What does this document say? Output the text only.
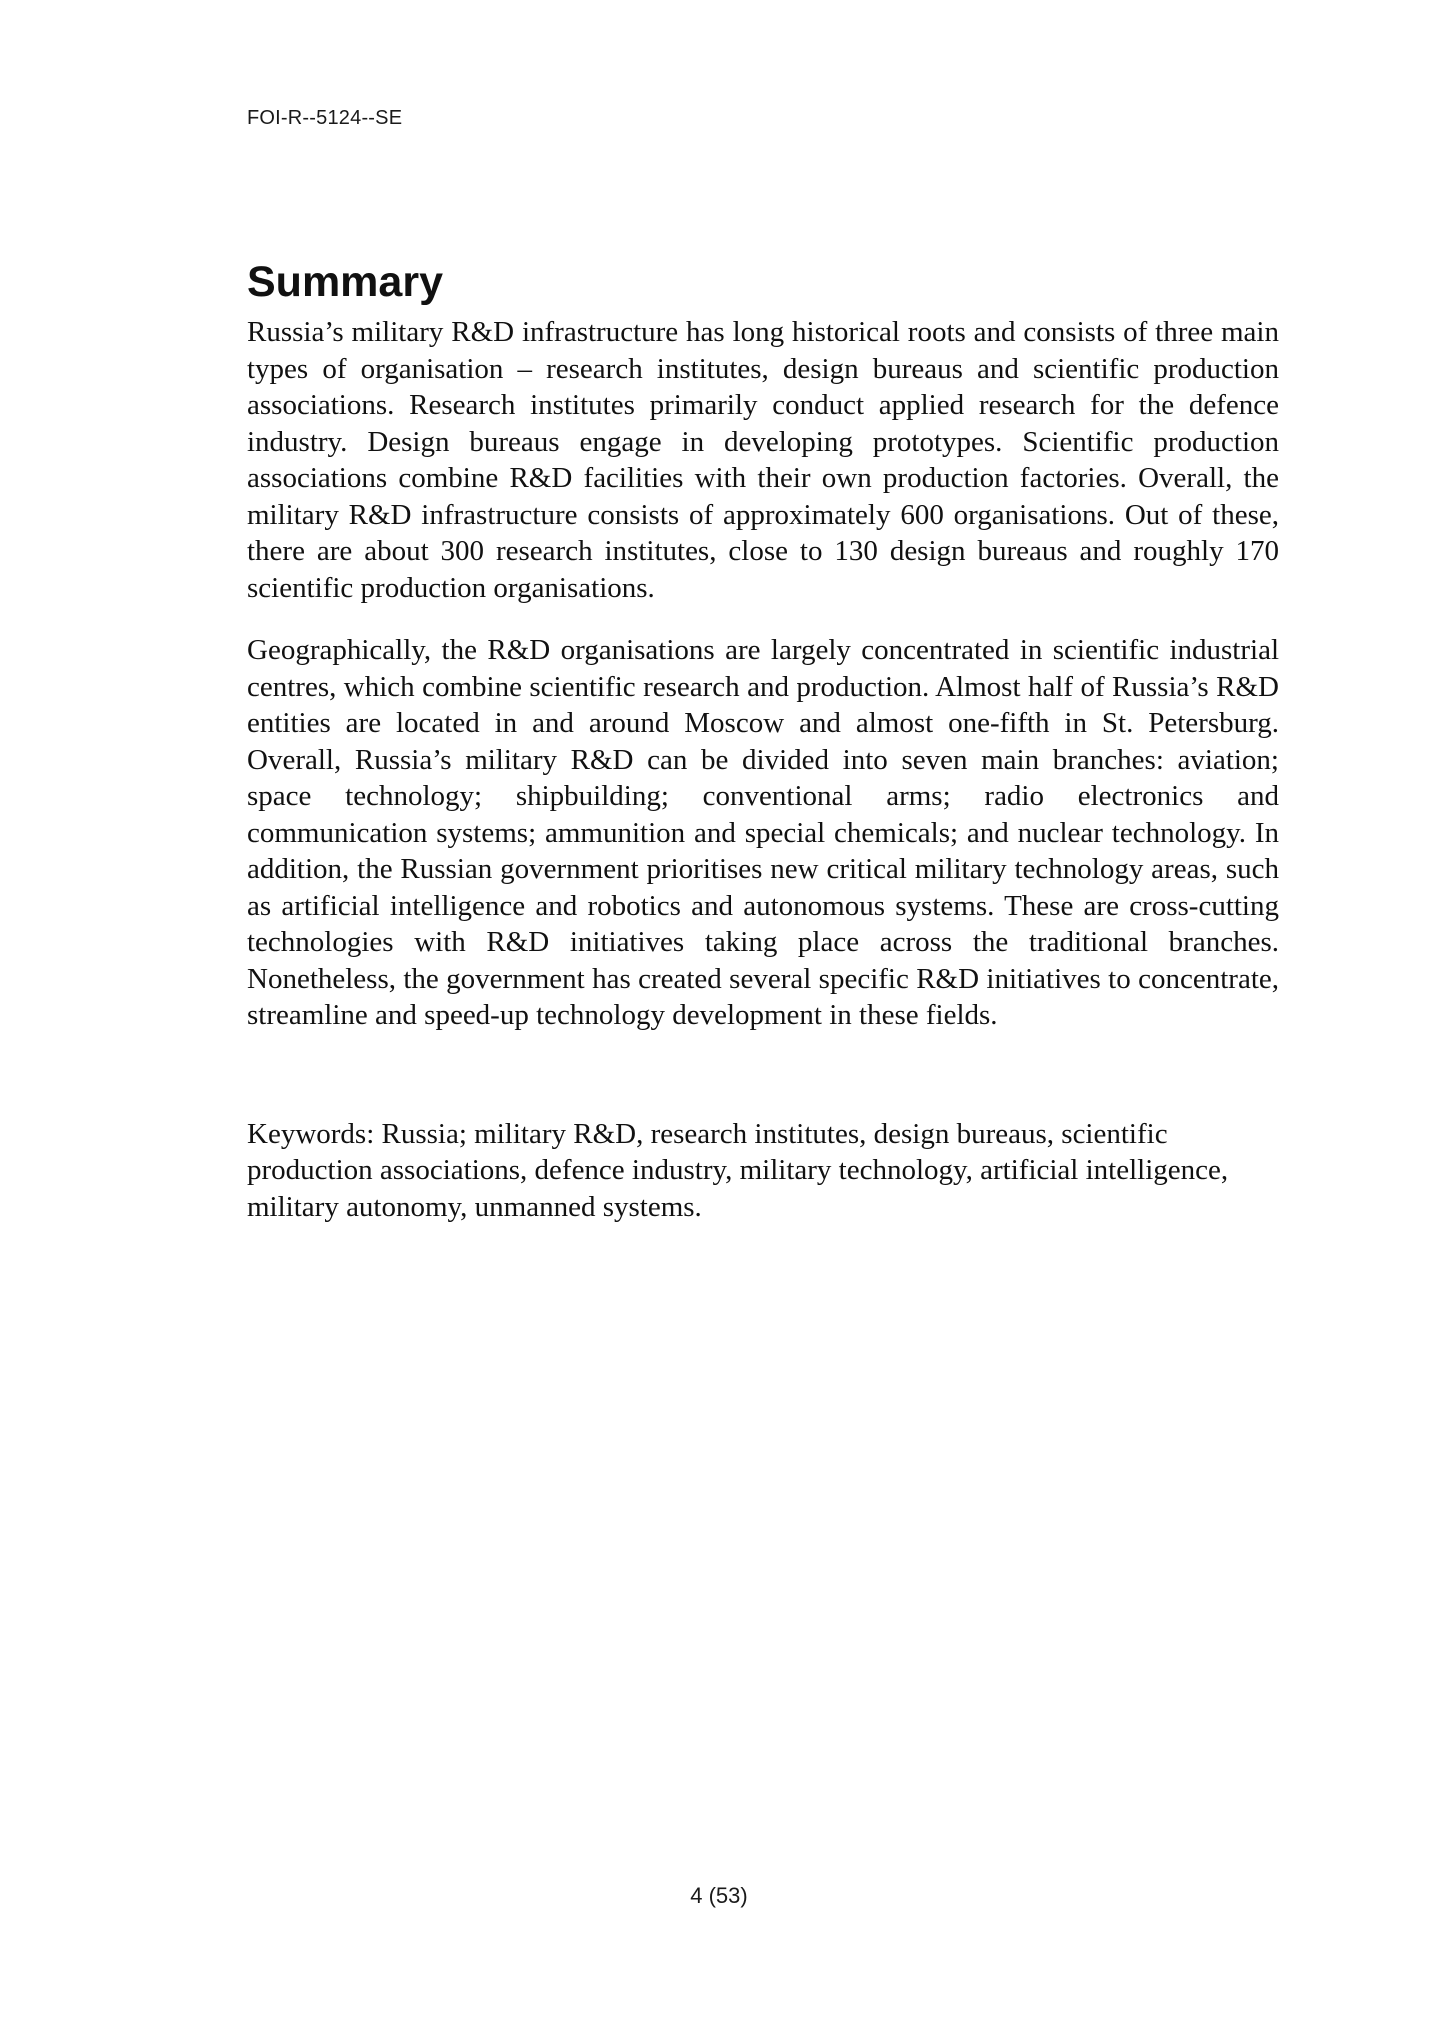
FOI-R--5124--SE
Summary

Russia’s military R&D infrastructure has long historical roots and consists of three main types of organisation – research institutes, design bureaus and scientific production associations. Research institutes primarily conduct applied research for the defence industry. Design bureaus engage in developing prototypes. Scientific production associations combine R&D facilities with their own production factories. Overall, the military R&D infrastructure consists of approximately 600 organisations. Out of these, there are about 300 research institutes, close to 130 design bureaus and roughly 170 scientific production organisations.

Geographically, the R&D organisations are largely concentrated in scientific industrial centres, which combine scientific research and production. Almost half of Russia’s R&D entities are located in and around Moscow and almost one-fifth in St. Petersburg. Overall, Russia’s military R&D can be divided into seven main branches: aviation; space technology; shipbuilding; conventional arms; radio electronics and communication systems; ammunition and special chemicals; and nuclear technology. In addition, the Russian government prioritises new critical military technology areas, such as artificial intelligence and robotics and autonomous systems. These are cross-cutting technologies with R&D initiatives taking place across the traditional branches. Nonetheless, the government has created several specific R&D initiatives to concentrate, streamline and speed-up technology development in these fields.

Keywords: Russia; military R&D, research institutes, design bureaus, scientific production associations, defence industry, military technology, artificial intelligence, military autonomy, unmanned systems.
4 (53)
